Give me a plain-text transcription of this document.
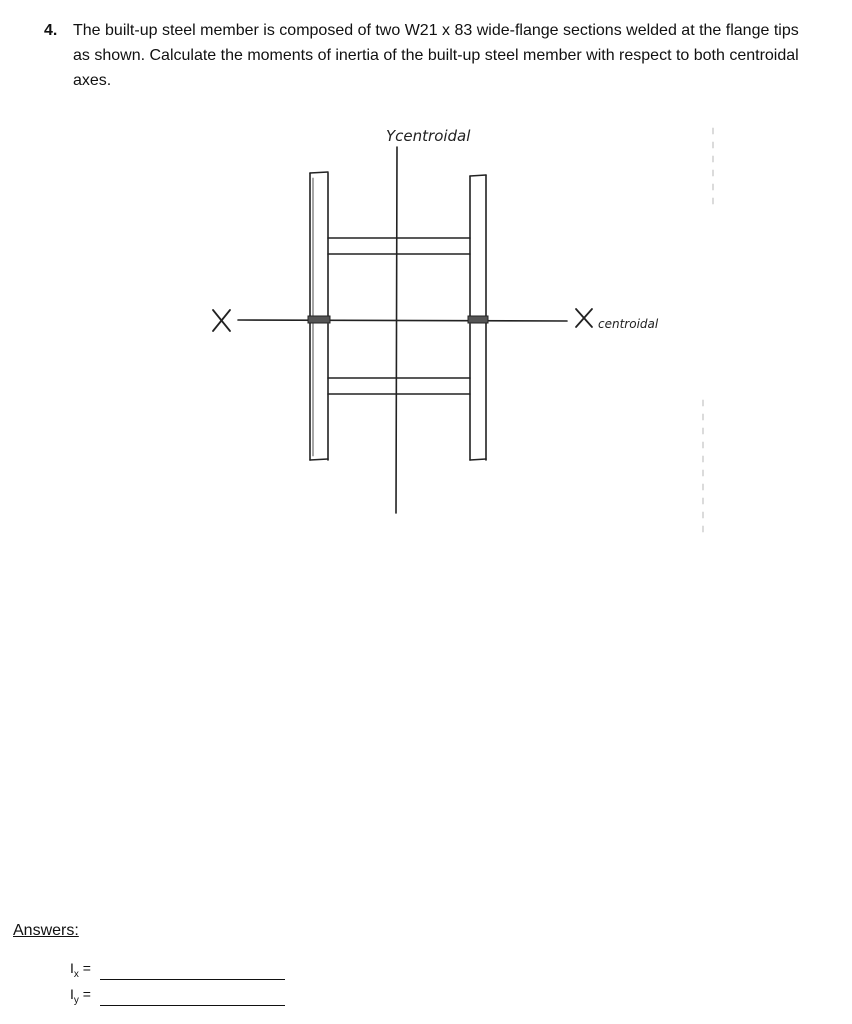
4. The built-up steel member is composed of two W21 x 83 wide-flange sections welded at the flange tips as shown. Calculate the moments of inertia of the built-up steel member with respect to both centroidal axes.
Ycentroidal
centroidal
Answers:
$I_x$ =
$I_y$ =
